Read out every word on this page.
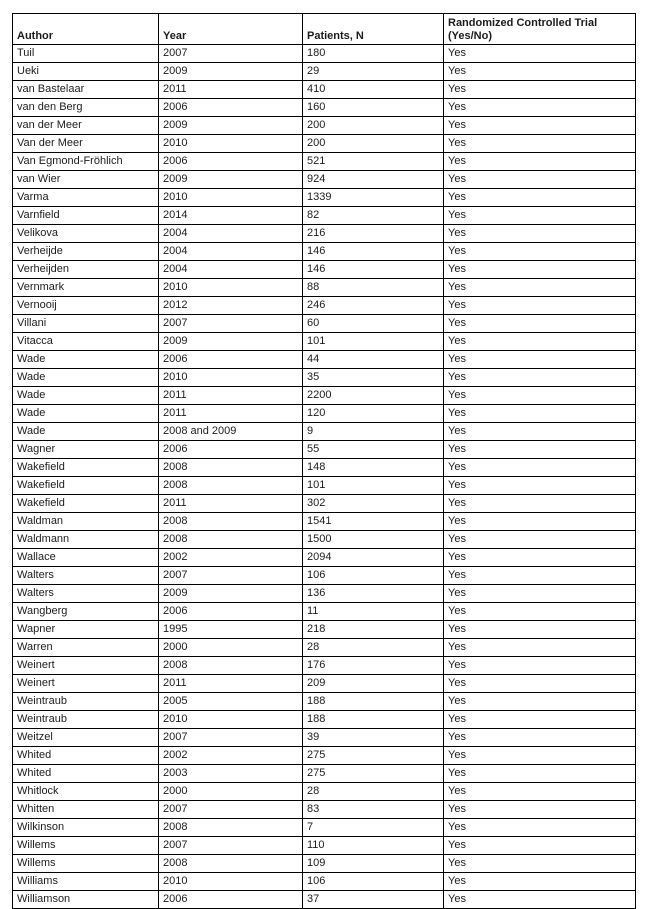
Author	Year	Patients, N	Randomized Controlled Trial (Yes/No)
Tuil	2007	180	Yes
Ueki	2009	29	Yes
van Bastelaar	2011	410	Yes
van den Berg	2006	160	Yes
van der Meer	2009	200	Yes
Van der Meer	2010	200	Yes
Van Egmond-Fröhlich	2006	521	Yes
van Wier	2009	924	Yes
Varma	2010	1339	Yes
Varnfield	2014	82	Yes
Velikova	2004	216	Yes
Verheijde	2004	146	Yes
Verheijden	2004	146	Yes
Vernmark	2010	88	Yes
Vernooij	2012	246	Yes
Villani	2007	60	Yes
Vitacca	2009	101	Yes
Wade	2006	44	Yes
Wade	2010	35	Yes
Wade	2011	2200	Yes
Wade	2011	120	Yes
Wade	2008 and 2009	9	Yes
Wagner	2006	55	Yes
Wakefield	2008	148	Yes
Wakefield	2008	101	Yes
Wakefield	2011	302	Yes
Waldman	2008	1541	Yes
Waldmann	2008	1500	Yes
Wallace	2002	2094	Yes
Walters	2007	106	Yes
Walters	2009	136	Yes
Wangberg	2006	11	Yes
Wapner	1995	218	Yes
Warren	2000	28	Yes
Weinert	2008	176	Yes
Weinert	2011	209	Yes
Weintraub	2005	188	Yes
Weintraub	2010	188	Yes
Weitzel	2007	39	Yes
Whited	2002	275	Yes
Whited	2003	275	Yes
Whitlock	2000	28	Yes
Whitten	2007	83	Yes
Wilkinson	2008	7	Yes
Willems	2007	110	Yes
Willems	2008	109	Yes
Williams	2010	106	Yes
Williamson	2006	37	Yes
